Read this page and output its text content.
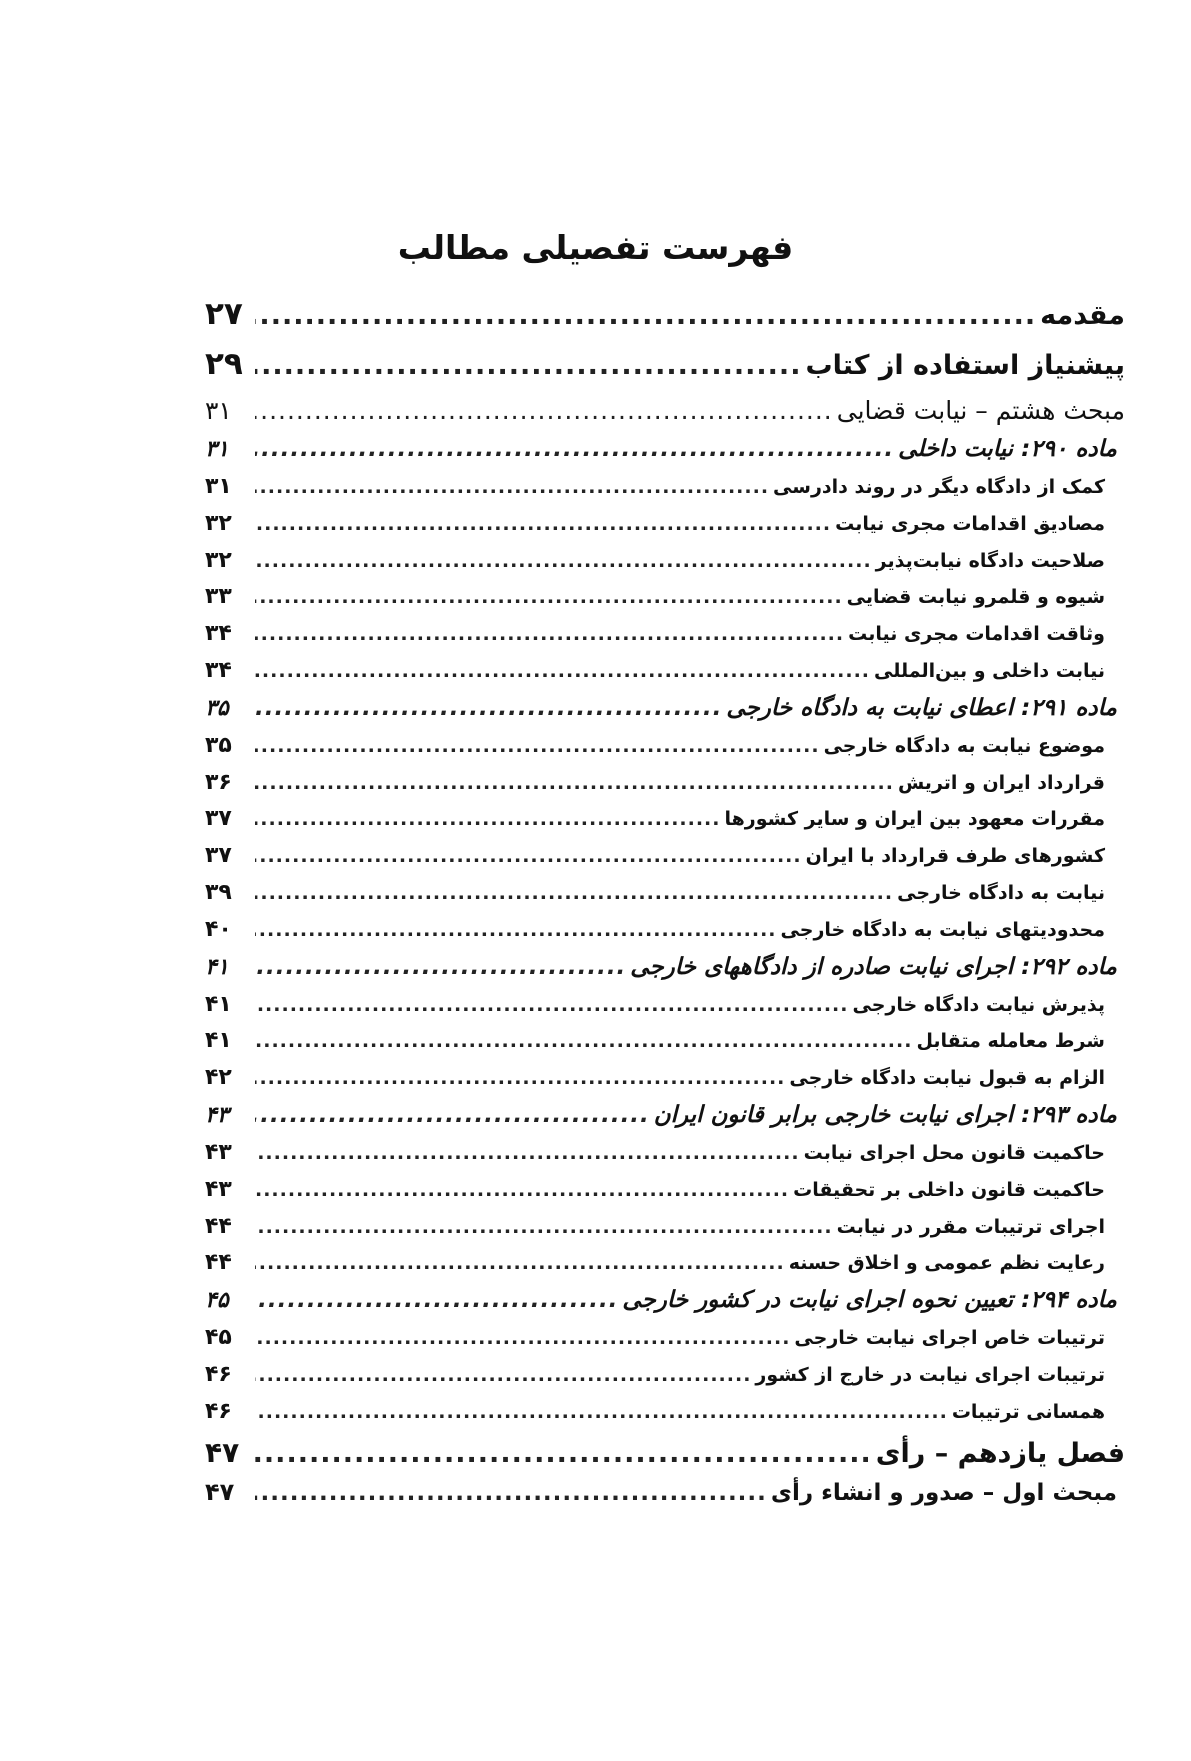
فهرست تفصیلی مطالب
مقدمه
.....
۲۷
پیشنیاز استفاده از کتاب
.....
۲۹
مبحث هشتم – نیابت قضایی
.....
۳۱
ماده ۲۹۰: نیابت داخلی
.....
۳۱
کمک از دادگاه دیگر در روند دادرسی
.....
۳۱
مصادیق اقدامات مجری نیابت
.....
۳۲
صلاحیت دادگاه نیابت‌پذیر
.....
۳۲
شیوه و قلمرو نیابت قضایی
.....
۳۳
وثاقت اقدامات مجری نیابت
.....
۳۴
نیابت داخلی و بین‌المللی
.....
۳۴
ماده ۲۹۱: اعطای نیابت به دادگاه خارجی
.....
۳۵
موضوع نیابت به دادگاه خارجی
.....
۳۵
قرارداد ایران و اتریش
.....
۳۶
مقررات معهود بین ایران و سایر کشورها
.....
۳۷
کشورهای طرف قرارداد با ایران
.....
۳۷
نیابت به دادگاه خارجی
.....
۳۹
محدودیتهای نیابت به دادگاه خارجی
.....
۴۰
ماده ۲۹۲: اجرای نیابت صادره از دادگاههای خارجی
.....
۴۱
پذیرش نیابت دادگاه خارجی
.....
۴۱
شرط معامله متقابل
.....
۴۱
الزام به قبول نیابت دادگاه خارجی
.....
۴۲
ماده ۲۹۳: اجرای نیابت خارجی برابر قانون ایران
.....
۴۳
حاکمیت قانون محل اجرای نیابت
.....
۴۳
حاکمیت قانون داخلی بر تحقیقات
.....
۴۳
اجرای ترتیبات مقرر در نیابت
.....
۴۴
رعایت نظم عمومی و اخلاق حسنه
.....
۴۴
ماده ۲۹۴: تعیین نحوه اجرای نیابت در کشور خارجی
.....
۴۵
ترتیبات خاص اجرای نیابت خارجی
.....
۴۵
ترتیبات اجرای نیابت در خارج از کشور
.....
۴۶
همسانی ترتیبات
.....
۴۶
فصل یازدهم – رأی
.....
۴۷
مبحث اول – صدور و انشاء رأی
.....
۴۷
